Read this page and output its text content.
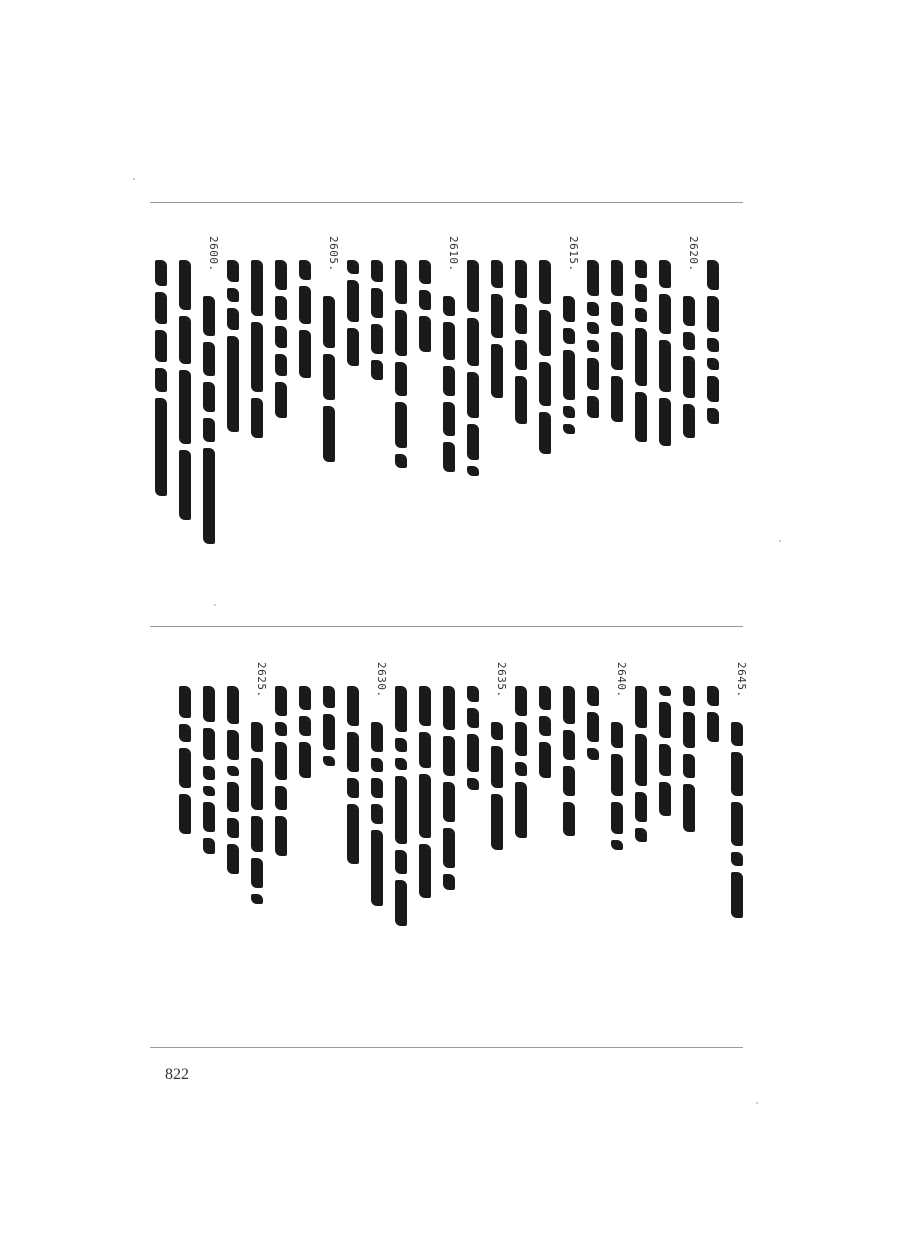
2620.
2615.
2610.
2605.
2600.
2645.
2640.
2635.
2630.
2625.
822
